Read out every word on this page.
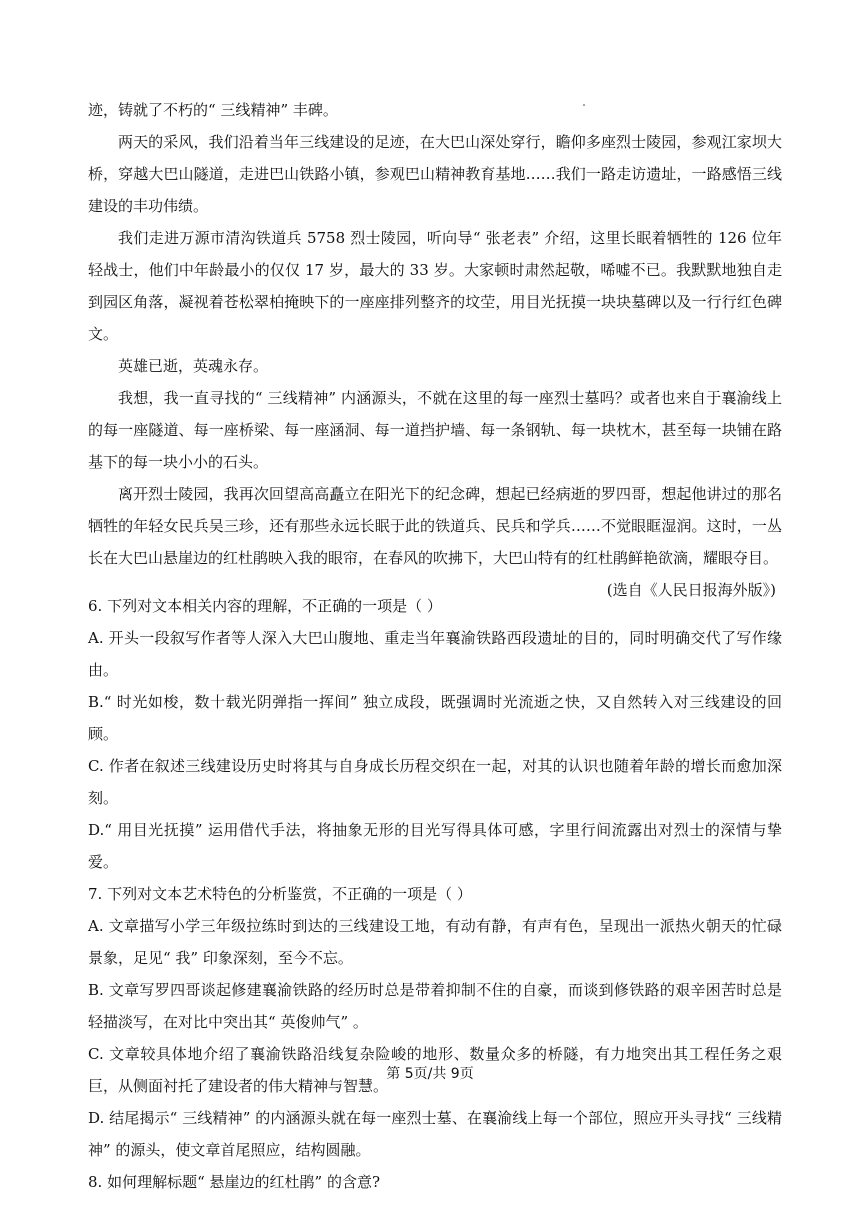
迹，铸就了不朽的“ 三线精神” 丰碑。

两天的采风，我们沿着当年三线建设的足迹，在大巴山深处穿行，瞻仰多座烈士陵园，参观江家坝大桥，穿越大巴山隧道，走进巴山铁路小镇，参观巴山精神教育基地……我们一路走访遗址，一路感悟三线建设的丰功伟绩。

我们走进万源市清沟铁道兵 5758 烈士陵园，听向导“ 张老表” 介绍，这里长眠着牺牲的 126 位年轻战士，他们中年龄最小的仅仅 17 岁，最大的 33 岁。大家顿时肃然起敬，唏嘘不已。我默默地独自走到园区角落，凝视着苍松翠柏掩映下的一座座排列整齐的坟茔，用目光抚摸一块块墓碑以及一行行红色碑文。

英雄已逝，英魂永存。

我想，我一直寻找的“ 三线精神” 内涵源头，不就在这里的每一座烈士墓吗？或者也来自于襄渝线上的每一座隧道、每一座桥梁、每一座涵洞、每一道挡护墙、每一条钢轨、每一块枕木，甚至每一块铺在路基下的每一块小小的石头。

离开烈士陵园，我再次回望高高矗立在阳光下的纪念碑，想起已经病逝的罗四哥，想起他讲过的那名牺牲的年轻女民兵吴三珍，还有那些永远长眠于此的铁道兵、民兵和学兵……不觉眼眶湿润。这时，一丛长在大巴山悬崖边的红杜鹃映入我的眼帘，在春风的吹拂下，大巴山特有的红杜鹃鲜艳欲滴，耀眼夺目。

(选自《人民日报海外版》)

6. 下列对文本相关内容的理解，不正确的一项是（ ）

A. 开头一段叙写作者等人深入大巴山腹地、重走当年襄渝铁路西段遗址的目的，同时明确交代了写作缘由。

B.“ 时光如梭，数十载光阴弹指一挥间” 独立成段，既强调时光流逝之快，又自然转入对三线建设的回顾。

C. 作者在叙述三线建设历史时将其与自身成长历程交织在一起，对其的认识也随着年龄的增长而愈加深刻。

D.“ 用目光抚摸” 运用借代手法，将抽象无形的目光写得具体可感，字里行间流露出对烈士的深情与挚爱。

7. 下列对文本艺术特色的分析鉴赏，不正确的一项是（ ）

A. 文章描写小学三年级拉练时到达的三线建设工地，有动有静，有声有色，呈现出一派热火朝天的忙碌景象，足见“ 我” 印象深刻，至今不忘。

B. 文章写罗四哥谈起修建襄渝铁路的经历时总是带着抑制不住的自豪，而谈到修铁路的艰辛困苦时总是轻描淡写，在对比中突出其“ 英俊帅气” 。

C. 文章较具体地介绍了襄渝铁路沿线复杂险峻的地形、数量众多的桥隧，有力地突出其工程任务之艰巨，从侧面衬托了建设者的伟大精神与智慧。

D. 结尾揭示“ 三线精神” 的内涵源头就在每一座烈士墓、在襄渝线上每一个部位，照应开头寻找“ 三线精神” 的源头，使文章首尾照应，结构圆融。

8. 如何理解标题“ 悬崖边的红杜鹃” 的含意?

第 5页/共 9页
